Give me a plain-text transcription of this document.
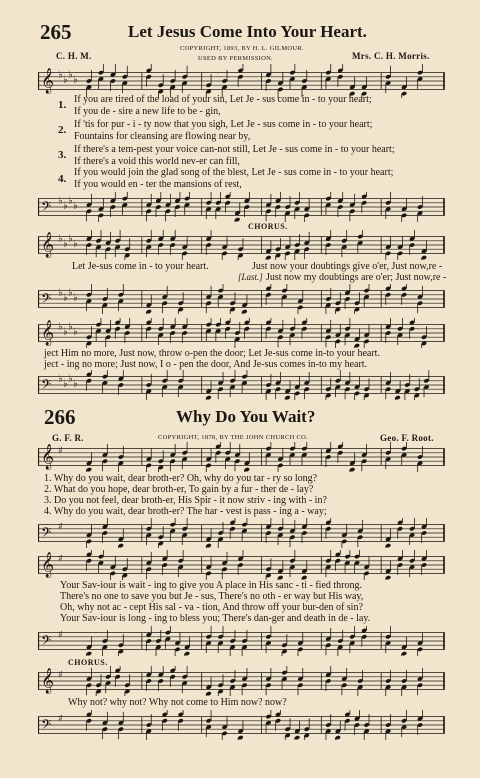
265	Let Jesus Come Into Your Heart.
C. H. M.
COPYRIGHT, 1893, BY H. L. GILMOUR.
USED BY PERMISSION.	Mrs. C. H. Morris.
𝄞 ♭ ♭ ♭ ♭
1. If you are tired of the load of your sin, Let Je - sus come in - to your heart;
If you de - sire a new life to be - gin,
2. If 'tis for pur - i - ty now that you sigh, Let Je - sus come in - to your heart;
Fountains for cleansing are flowing near by,
3. If there's a tem-pest your voice can-not still, Let Je - sus come in - to your heart;
If there's a void this world nev-er can fill,
4.
If you would join the glad song of the blest, Let Je - sus come in - to your heart;
If you would en - ter the mansions of rest,
𝄢 ♭ ♭ ♭ ♭
CHORUS.
𝄞 ♭ ♭ ♭ ♭
Let Je-sus come in - to your heart.	Just now your doubtings give o'er, Just now,re -
[Last.] Just now my doubtings are o'er; Just now,re -
𝄢 ♭ ♭ ♭ ♭
𝄞 ♭ ♭ ♭ ♭
ject Him no more, Just now, throw o-pen the door; Let Je-sus come in-to your heart.
ject - ing no more; Just now, I o - pen the door, And Je-sus comes in-to my heart.
𝄢 ♭ ♭ ♭ ♭
266	Why Do You Wait?
G. F. R.	COPYRIGHT, 1878, BY THE JOHN CHURCH CO.	Geo. F. Root.
𝄞 ♯
1. Why do you wait, dear broth-er? Oh, why do you tar - ry so long?
2. What do you hope, dear broth-er, To gain by a fur - ther de - lay?
3. Do you not feel, dear broth-er, His Spir - it now striv - ing with - in?
4. Why do you wait, dear broth-er? The har - vest is pass - ing a - way;
𝄢 ♯
𝄞 ♯
Your Sav-iour is wait - ing to give you A place in His sanc - ti - fied throng.
There's no one to save you but Je - sus, There's no oth - er way but His way,
Oh, why not ac - cept His sal - va - tion, And throw off your bur-den of sin?
Your Sav-iour is long - ing to bless you; There's dan-ger and death in de - lay.
𝄢 ♯
CHORUS.
𝄞 ♯
Why not? why not? Why not come to Him now? now?
𝄢 ♯
